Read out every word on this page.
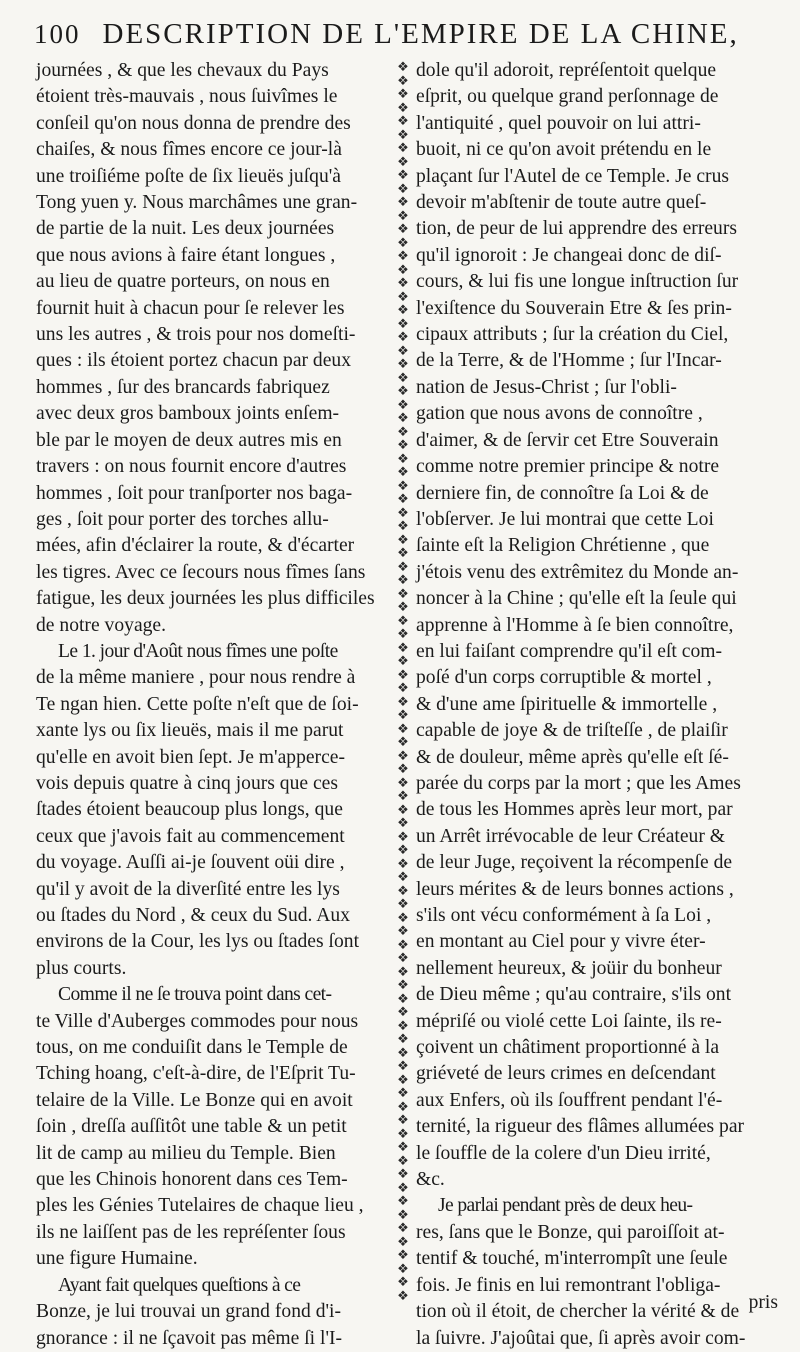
100 DESCRIPTION DE L'EMPIRE DE LA CHINE,
journées , & que les chevaux du Pays
étoient très-mauvais , nous ſuivîmes le
conſeil qu'on nous donna de prendre des
chaiſes, & nous fîmes encore ce jour-là
une troiſiéme poſte de ſix lieuës juſqu'à
Tong yuen y. Nous marchâmes une gran-
de partie de la nuit. Les deux journées
que nous avions à faire étant longues ,
au lieu de quatre porteurs, on nous en
fournit huit à chacun pour ſe relever les
uns les autres , & trois pour nos domeſti-
ques : ils étoient portez chacun par deux
hommes , ſur des brancards fabriquez
avec deux gros bamboux joints enſem-
ble par le moyen de deux autres mis en
travers : on nous fournit encore d'autres
hommes , ſoit pour tranſporter nos baga-
ges , ſoit pour porter des torches allu-
mées, afin d'éclairer la route, & d'écarter
les tigres. Avec ce ſecours nous fîmes ſans
fatigue, les deux journées les plus difficiles
de notre voyage.
Le 1. jour d'Août nous fîmes une poſte
de la même maniere , pour nous rendre à
Te ngan hien. Cette poſte n'eſt que de ſoi-
xante lys ou ſix lieuës, mais il me parut
qu'elle en avoit bien ſept. Je m'apperce-
vois depuis quatre à cinq jours que ces
ſtades étoient beaucoup plus longs, que
ceux que j'avois fait au commencement
du voyage. Auſſi ai-je ſouvent oüi dire ,
qu'il y avoit de la diverſité entre les lys
ou ſtades du Nord , & ceux du Sud. Aux
environs de la Cour, les lys ou ſtades ſont
plus courts.
Comme il ne ſe trouva point dans cet-
te Ville d'Auberges commodes pour nous
tous, on me conduiſit dans le Temple de
Tching hoang, c'eſt-à-dire, de l'Eſprit Tu-
telaire de la Ville. Le Bonze qui en avoit
ſoin , dreſſa auſſitôt une table & un petit
lit de camp au milieu du Temple. Bien
que les Chinois honorent dans ces Tem-
ples les Génies Tutelaires de chaque lieu ,
ils ne laiſſent pas de les repréſenter ſous
une figure Humaine.
Ayant fait quelques queſtions à ce
Bonze, je lui trouvai un grand fond d'i-
gnorance : il ne ſçavoit pas même ſi l'I-
❖
❖
❖
❖
❖
❖
❖
❖
❖
❖
❖
❖
❖
❖
❖
❖
❖
❖
❖
❖
❖
❖
❖
❖
❖
❖
❖
❖
❖
❖
❖
❖
❖
❖
❖
❖
❖
❖
❖
❖
❖
❖
❖
❖
❖
❖
❖
❖
❖
❖
❖
❖
❖
❖
❖
❖
❖
❖
❖
❖
❖
❖
❖
❖
❖
❖
❖
❖
❖
❖
❖
❖
❖
❖
❖
❖
❖
❖
❖
❖
❖
❖
❖
❖
❖
❖
❖
❖
❖
❖
❖
❖
dole qu'il adoroit, repréſentoit quelque
eſprit, ou quelque grand perſonnage de
l'antiquité , quel pouvoir on lui attri-
buoit, ni ce qu'on avoit prétendu en le
plaçant ſur l'Autel de ce Temple. Je crus
devoir m'abſtenir de toute autre queſ-
tion, de peur de lui apprendre des erreurs
qu'il ignoroit : Je changeai donc de diſ-
cours, & lui fis une longue inſtruction ſur
l'exiſtence du Souverain Etre & ſes prin-
cipaux attributs ; ſur la création du Ciel,
de la Terre, & de l'Homme ; ſur l'Incar-
nation de Jesus-Christ ; ſur l'obli-
gation que nous avons de connoître ,
d'aimer, & de ſervir cet Etre Souverain
comme notre premier principe & notre
derniere fin, de connoître ſa Loi & de
l'obſerver. Je lui montrai que cette Loi
ſainte eſt la Religion Chrétienne , que
j'étois venu des extrêmitez du Monde an-
noncer à la Chine ; qu'elle eſt la ſeule qui
apprenne à l'Homme à ſe bien connoître,
en lui faiſant comprendre qu'il eſt com-
poſé d'un corps corruptible & mortel ,
& d'une ame ſpirituelle & immortelle ,
capable de joye & de triſteſſe , de plaiſir
& de douleur, même après qu'elle eſt ſé-
parée du corps par la mort ; que les Ames
de tous les Hommes après leur mort, par
un Arrêt irrévocable de leur Créateur &
de leur Juge, reçoivent la récompenſe de
leurs mérites & de leurs bonnes actions ,
s'ils ont vécu conformément à ſa Loi ,
en montant au Ciel pour y vivre éter-
nellement heureux, & joüir du bonheur
de Dieu même ; qu'au contraire, s'ils ont
mépriſé ou violé cette Loi ſainte, ils re-
çoivent un châtiment proportionné à la
griéveté de leurs crimes en deſcendant
aux Enfers, où ils ſouffrent pendant l'é-
ternité, la rigueur des flâmes allumées par
le ſouffle de la colere d'un Dieu irrité,
&c.
Je parlai pendant près de deux heu-
res, ſans que le Bonze, qui paroiſſoit at-
tentif & touché, m'interrompît une ſeule
fois. Je finis en lui remontrant l'obliga-
tion où il étoit, de chercher la vérité & de
la ſuivre. J'ajoûtai que, ſi après avoir com-
pris
